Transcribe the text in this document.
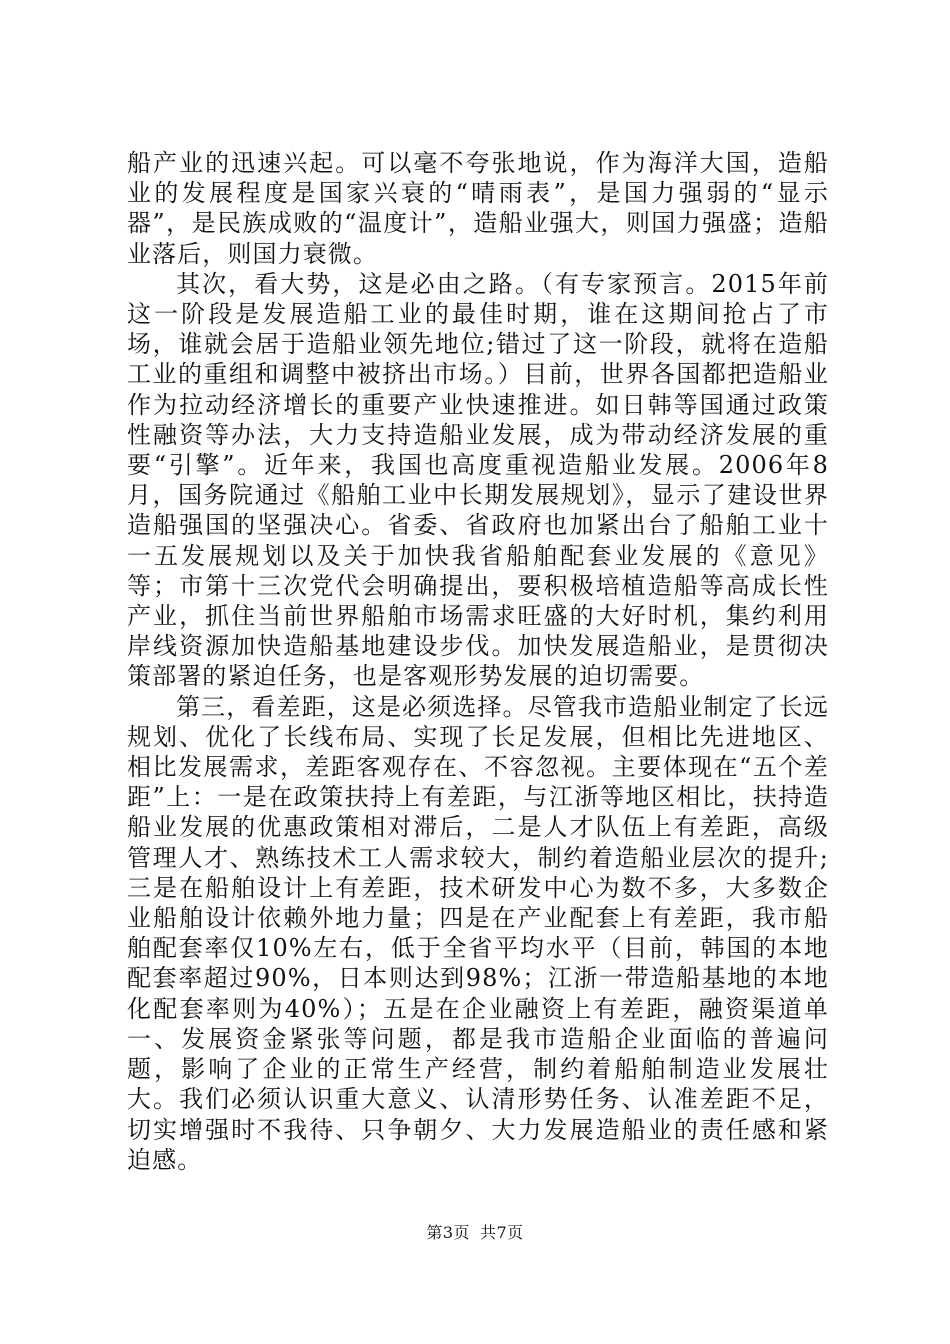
船产业的迅速兴起。可以毫不夸张地说，作为海洋大国，造船业的发展程度是国家兴衰的“晴雨表”，是国力强弱的“显示器”，是民族成败的“温度计”，造船业强大，则国力强盛；造船业落后，则国力衰微。

其次，看大势，这是必由之路。（有专家预言。2015年前这一阶段是发展造船工业的最佳时期，谁在这期间抢占了市场，谁就会居于造船业领先地位;错过了这一阶段，就将在造船工业的重组和调整中被挤出市场。）目前，世界各国都把造船业作为拉动经济增长的重要产业快速推进。如日韩等国通过政策性融资等办法，大力支持造船业发展，成为带动经济发展的重要“引擎”。近年来，我国也高度重视造船业发展。2006年8月，国务院通过《船舶工业中长期发展规划》，显示了建设世界造船强国的坚强决心。省委、省政府也加紧出台了船舶工业十一五发展规划以及关于加快我省船舶配套业发展的《意见》等；市第十三次党代会明确提出，要积极培植造船等高成长性产业，抓住当前世界船舶市场需求旺盛的大好时机，集约利用岸线资源加快造船基地建设步伐。加快发展造船业，是贯彻决策部署的紧迫任务，也是客观形势发展的迫切需要。

第三，看差距，这是必须选择。尽管我市造船业制定了长远规划、优化了长线布局、实现了长足发展，但相比先进地区、相比发展需求，差距客观存在、不容忽视。主要体现在“五个差距”上：一是在政策扶持上有差距，与江浙等地区相比，扶持造船业发展的优惠政策相对滞后，二是人才队伍上有差距，高级管理人才、熟练技术工人需求较大，制约着造船业层次的提升;三是在船舶设计上有差距，技术研发中心为数不多，大多数企业船舶设计依赖外地力量；四是在产业配套上有差距，我市船舶配套率仅10%左右，低于全省平均水平（目前，韩国的本地配套率超过90%，日本则达到98%；江浙一带造船基地的本地化配套率则为40%）；五是在企业融资上有差距，融资渠道单一、发展资金紧张等问题，都是我市造船企业面临的普遍问题，影响了企业的正常生产经营，制约着船舶制造业发展壮大。我们必须认识重大意义、认清形势任务、认准差距不足，切实增强时不我待、只争朝夕、大力发展造船业的责任感和紧迫感。

第3页 共7页
